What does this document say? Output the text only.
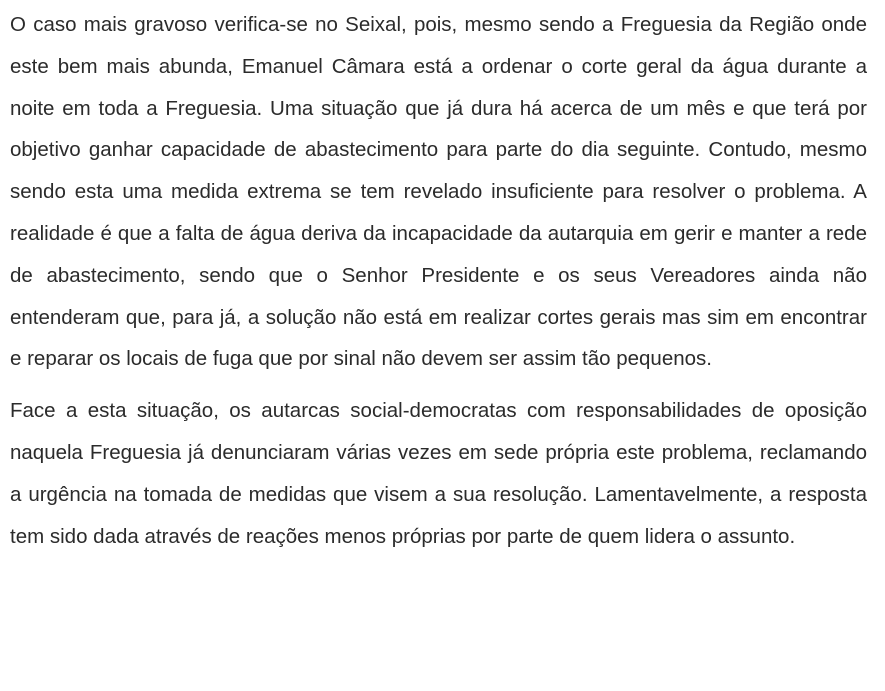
O caso mais gravoso verifica-se no Seixal, pois, mesmo sendo a Freguesia da Região onde este bem mais abunda, Emanuel Câmara está a ordenar o corte geral da água durante a noite em toda a Freguesia. Uma situação que já dura há acerca de um mês e que terá por objetivo ganhar capacidade de abastecimento para parte do dia seguinte. Contudo, mesmo sendo esta uma medida extrema se tem revelado insuficiente para resolver o problema. A realidade é que a falta de água deriva da incapacidade da autarquia em gerir e manter a rede de abastecimento, sendo que o Senhor Presidente e os seus Vereadores ainda não entenderam que, para já, a solução não está em realizar cortes gerais mas sim em encontrar e reparar os locais de fuga que por sinal não devem ser assim tão pequenos.

Face a esta situação, os autarcas social-democratas com responsabilidades de oposição naquela Freguesia já denunciaram várias vezes em sede própria este problema, reclamando a urgência na tomada de medidas que visem a sua resolução. Lamentavelmente, a resposta tem sido dada através de reações menos próprias por parte de quem lidera o assunto.
